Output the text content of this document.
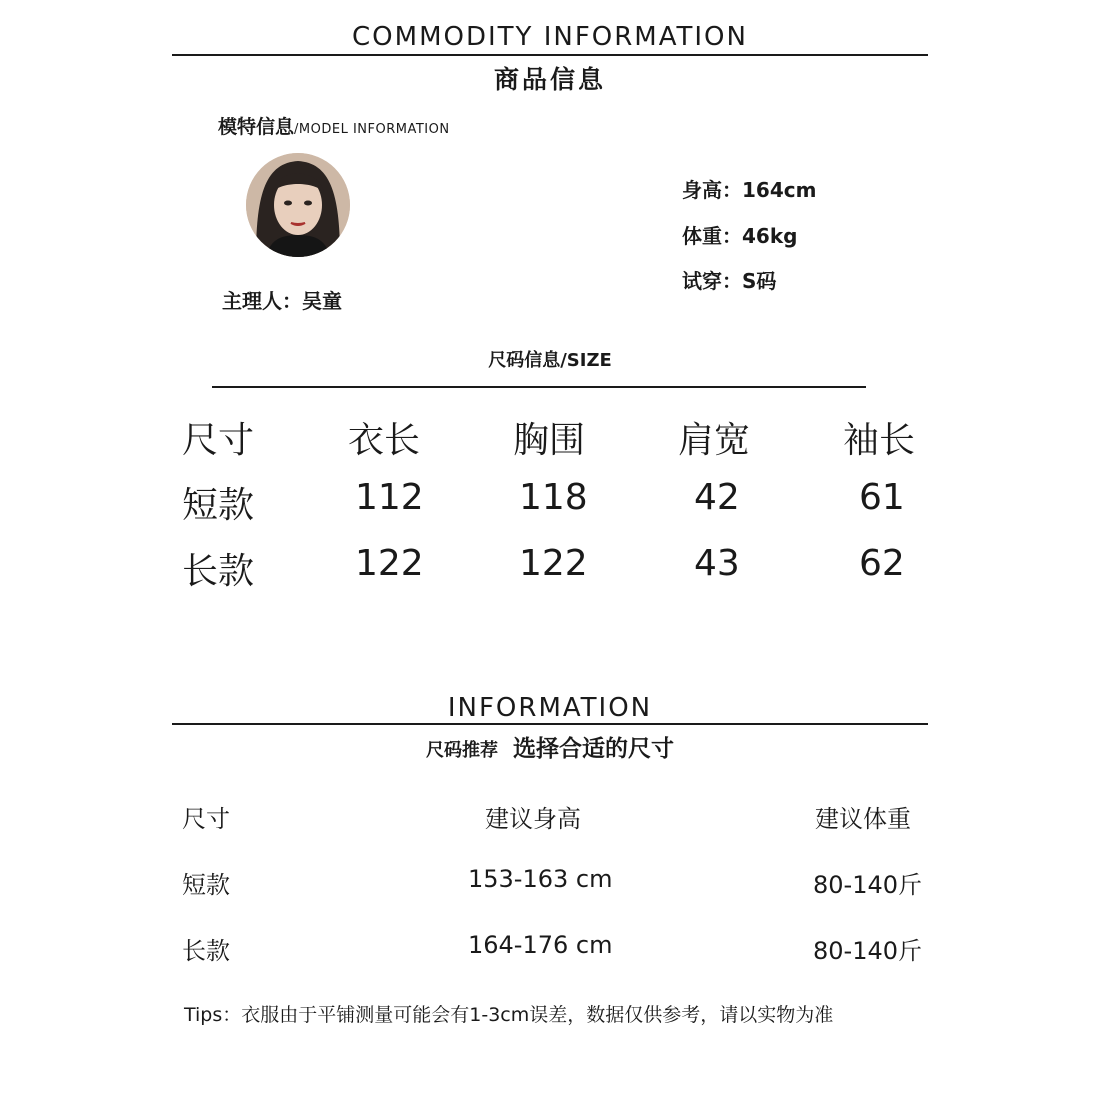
COMMODITY INFORMATION
商品信息
模特信息/MODEL INFORMATION
主理人：吴童
身高：164cm
体重：46kg
试穿：S码
尺码信息/SIZE
尺寸	衣长	胸围	肩宽	袖长
短款	112	118	42	61
长款	122	122	43	62
INFORMATION
尺码推荐 选择合适的尺寸
尺寸	建议身高	建议体重
短款	153-163 cm	80-140斤
长款	164-176 cm	80-140斤
Tips：衣服由于平铺测量可能会有1-3cm误差，数据仅供参考，请以实物为准
